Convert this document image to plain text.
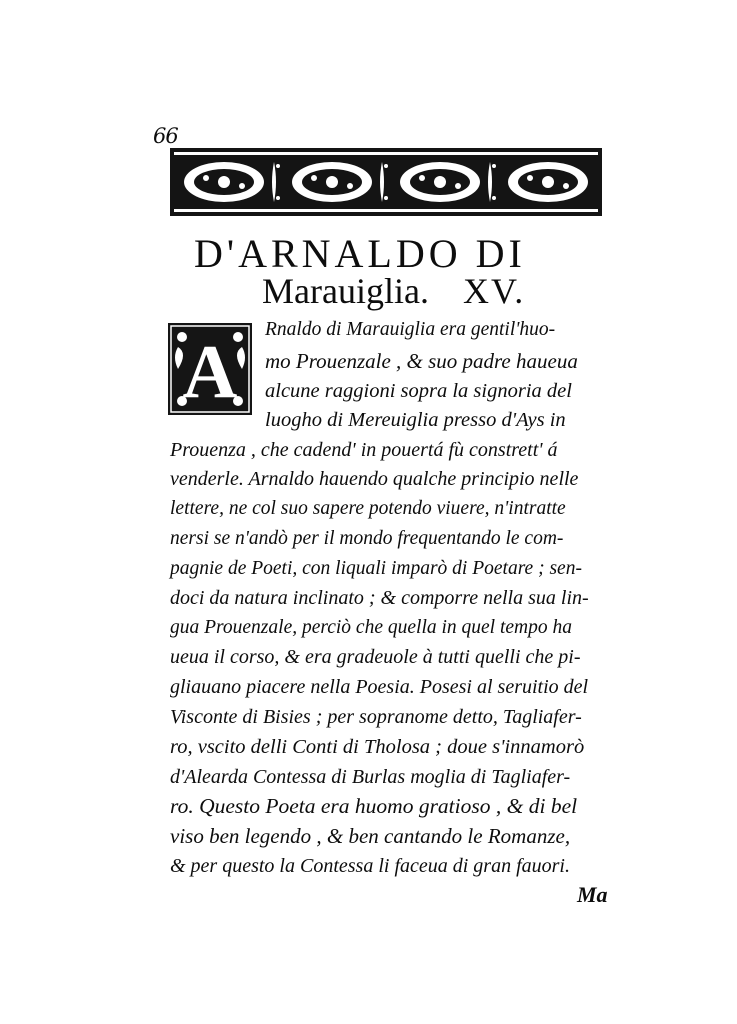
66
D'ARNALDO DI
Marauiglia. XV.
A
Rnaldo di Marauiglia era gentil'huo-
mo Prouenzale , & suo padre haueua
alcune raggioni sopra la signoria del
luogho di Mereuiglia presso d'Ays in
Prouenza , che cadend' in pouertá fù constrett' á
venderle. Arnaldo hauendo qualche principio nelle
lettere, ne col suo sapere potendo viuere, n'intratte
nersi se n'andò per il mondo frequentando le com-
pagnie de Poeti, con liquali imparò di Poetare ; sen-
doci da natura inclinato ; & comporre nella sua lin-
gua Prouenzale, perciò che quella in quel tempo ha
ueua il corso, & era gradeuole à tutti quelli che pi-
gliauano piacere nella Poesia. Posesi al seruitio del
Visconte di Bisies ; per sopranome detto, Tagliafer-
ro, vscito delli Conti di Tholosa ; doue s'innamorò
d'Alearda Contessa di Burlas moglia di Tagliafer-
ro. Questo Poeta era huomo gratioso , & di bel
viso ben legendo , & ben cantando le Romanze,
& per questo la Contessa li faceua di gran fauori.
Ma
